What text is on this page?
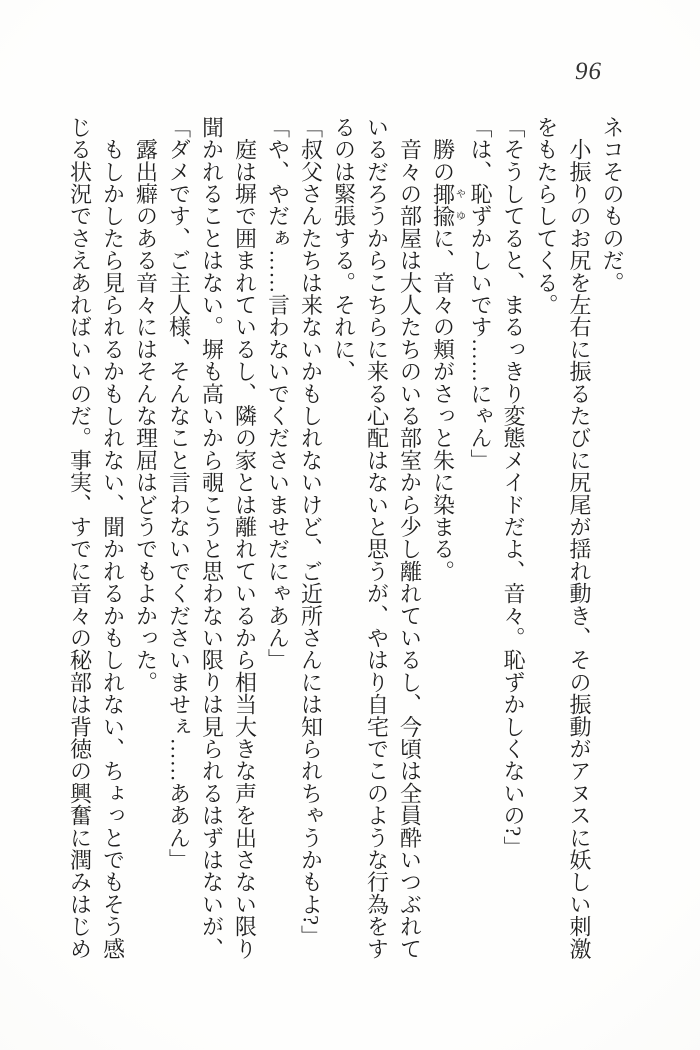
96
ネコそのものだ。
　小振りのお尻を左右に振るたびに尻尾が揺れ動き、その振動がアヌスに妖しい刺激
をもたらしてくる。
「そうしてると、まるっきり変態メイドだよ、音々。恥ずかしくないの?」
「は、恥ずかしいです……にゃん」
　勝の揶や揄ゆに、音々の頬がさっと朱に染まる。
　音々の部屋は大人たちのいる部室から少し離れているし、今頃は全員酔いつぶれて
いるだろうからこちらに来る心配はないと思うが、やはり自宅でこのような行為をす
るのは緊張する。それに、
「叔父さんたちは来ないかもしれないけど、ご近所さんには知られちゃうかもよ?」
「や、やだぁ……言わないでくださいませだにゃあん」
　庭は塀で囲まれているし、隣の家とは離れているから相当大きな声を出さない限り
聞かれることはない。塀も高いから覗こうと思わない限りは見られるはずはないが、
「ダメです、ご主人様、そんなこと言わないでくださいませぇ……ああん」
　露出癖のある音々にはそんな理屈はどうでもよかった。
　もしかしたら見られるかもしれない、聞かれるかもしれない、ちょっとでもそう感
じる状況でさえあればいいのだ。事実、すでに音々の秘部は背徳の興奮に潤みはじめ
